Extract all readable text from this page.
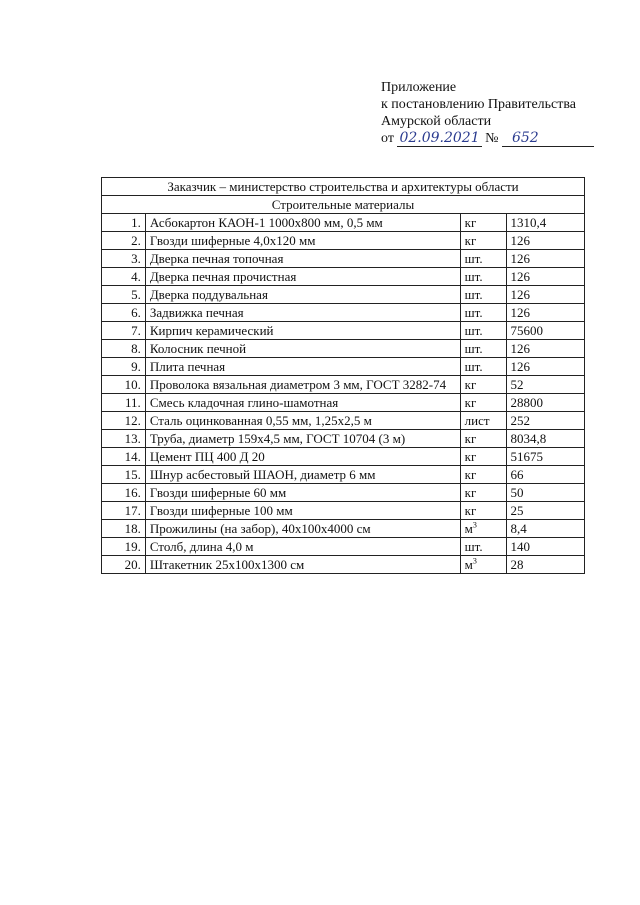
Приложение
к постановлению Правительства
Амурской области
от 02.09.2021 № 652
Заказчик – министерство строительства и архитектуры области			
Строительные материалы			
1.	Асбокартон КАОН-1 1000х800 мм, 0,5 мм	кг	1310,4
2.	Гвозди шиферные 4,0х120 мм	кг	126
3.	Дверка печная топочная	шт.	126
4.	Дверка печная прочистная	шт.	126
5.	Дверка поддувальная	шт.	126
6.	Задвижка печная	шт.	126
7.	Кирпич керамический	шт.	75600
8.	Колосник печной	шт.	126
9.	Плита печная	шт.	126
10.	Проволока вязальная диаметром 3 мм, ГОСТ 3282-74	кг	52
11.	Смесь кладочная глино-шамотная	кг	28800
12.	Сталь оцинкованная 0,55 мм, 1,25х2,5 м	лист	252
13.	Труба, диаметр 159х4,5 мм, ГОСТ 10704 (3 м)	кг	8034,8
14.	Цемент ПЦ 400 Д 20	кг	51675
15.	Шнур асбестовый ШАОН, диаметр 6 мм	кг	66
16.	Гвозди шиферные 60 мм	кг	50
17.	Гвозди шиферные 100 мм	кг	25
18.	Прожилины (на забор), 40х100х4000 см	$м^3$	8,4
19.	Столб, длина 4,0 м	шт.	140
20.	Штакетник 25х100х1300 см	$м^3$	28
